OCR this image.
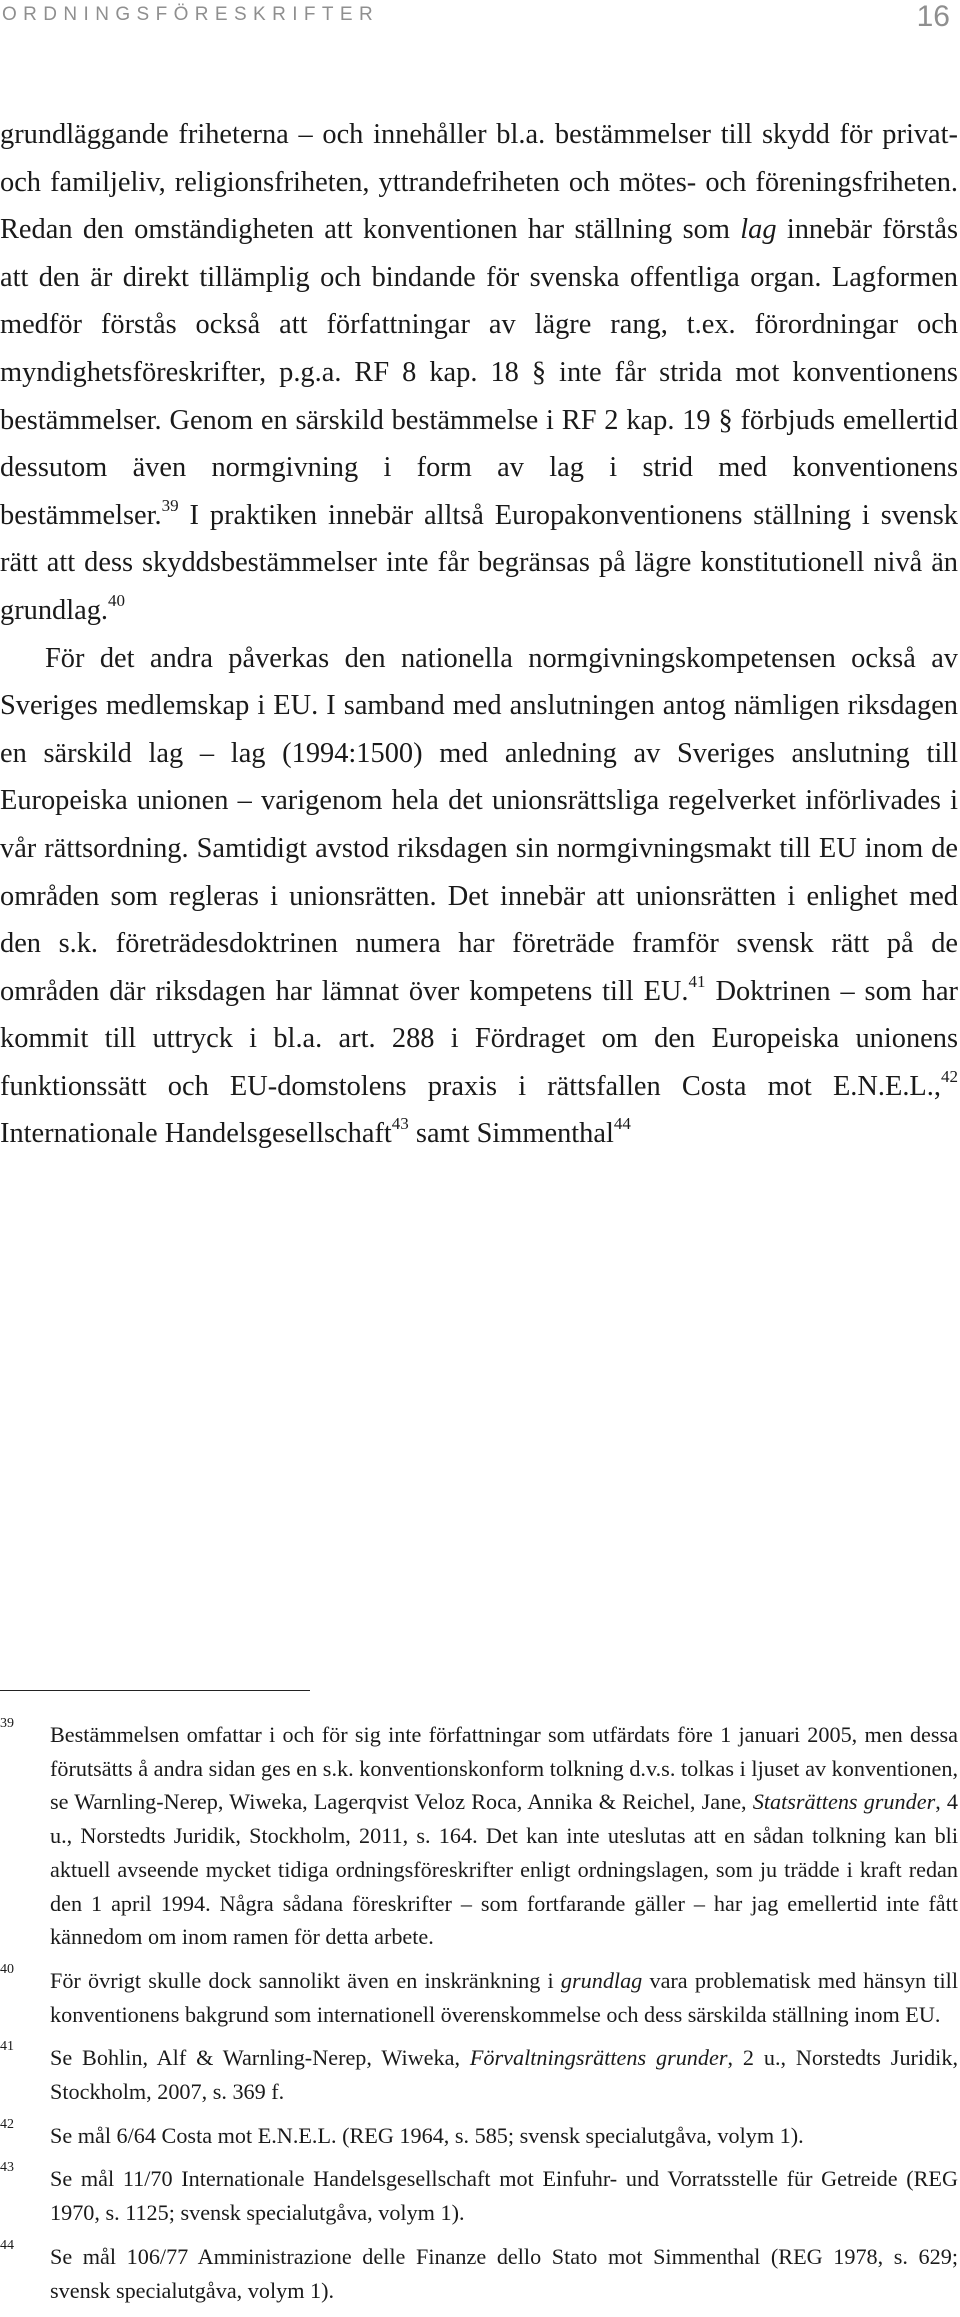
ORDNINGSFÖRESKRIFTER	16

grundläggande friheterna – och innehåller bl.a. bestämmelser till skydd för privat- och familjeliv, religionsfriheten, yttrandefriheten och mötes- och föreningsfriheten. Redan den omständigheten att konventionen har ställning som lag innebär förstås att den är direkt tillämplig och bindande för svenska offentliga organ. Lagformen medför förstås också att författningar av lägre rang, t.ex. förordningar och myndighetsföreskrifter, p.g.a. RF 8 kap. 18 § inte får strida mot konventionens bestämmelser. Genom en särskild bestämmelse i RF 2 kap. 19 § förbjuds emellertid dessutom även normgivning i form av lag i strid med konventionens bestämmelser.$^{39}$ I praktiken innebär alltså Europakonventionens ställning i svensk rätt att dess skyddsbestämmelser inte får begränsas på lägre konstitutionell nivå än grundlag.$^{40}$

För det andra påverkas den nationella normgivningskompetensen också av Sveriges medlemskap i EU. I samband med anslutningen antog nämligen riksdagen en särskild lag – lag (1994:1500) med anledning av Sveriges anslutning till Europeiska unionen – varigenom hela det unionsrättsliga regelverket införlivades i vår rättsordning. Samtidigt avstod riksdagen sin normgivningsmakt till EU inom de områden som regleras i unionsrätten. Det innebär att unionsrätten i enlighet med den s.k. företrädesdoktrinen numera har företräde framför svensk rätt på de områden där riksdagen har lämnat över kompetens till EU.$^{41}$ Doktrinen – som har kommit till uttryck i bl.a. art. 288 i Fördraget om den Europeiska unionens funktionssätt och EU-domstolens praxis i rättsfallen Costa mot E.N.E.L.,$^{42}$ Internationale Handelsgesellschaft$^{43}$ samt Simmenthal$^{44}$

39 Bestämmelsen omfattar i och för sig inte författningar som utfärdats före 1 januari 2005, men dessa förutsätts å andra sidan ges en s.k. konventionskonform tolkning d.v.s. tolkas i ljuset av konventionen, se Warnling-Nerep, Wiweka, Lagerqvist Veloz Roca, Annika & Reichel, Jane, Statsrättens grunder, 4 u., Norstedts Juridik, Stockholm, 2011, s. 164. Det kan inte uteslutas att en sådan tolkning kan bli aktuell avseende mycket tidiga ordningsföreskrifter enligt ordningslagen, som ju trädde i kraft redan den 1 april 1994. Några sådana föreskrifter – som fortfarande gäller – har jag emellertid inte fått kännedom om inom ramen för detta arbete.
40 För övrigt skulle dock sannolikt även en inskränkning i grundlag vara problematisk med hänsyn till konventionens bakgrund som internationell överenskommelse och dess särskilda ställning inom EU.
41 Se Bohlin, Alf & Warnling-Nerep, Wiweka, Förvaltningsrättens grunder, 2 u., Norstedts Juridik, Stockholm, 2007, s. 369 f.
42 Se mål 6/64 Costa mot E.N.E.L. (REG 1964, s. 585; svensk specialutgåva, volym 1).
43 Se mål 11/70 Internationale Handelsgesellschaft mot Einfuhr- und Vorratsstelle für Getreide (REG 1970, s. 1125; svensk specialutgåva, volym 1).
44 Se mål 106/77 Amministrazione delle Finanze dello Stato mot Simmenthal (REG 1978, s. 629; svensk specialutgåva, volym 1).
